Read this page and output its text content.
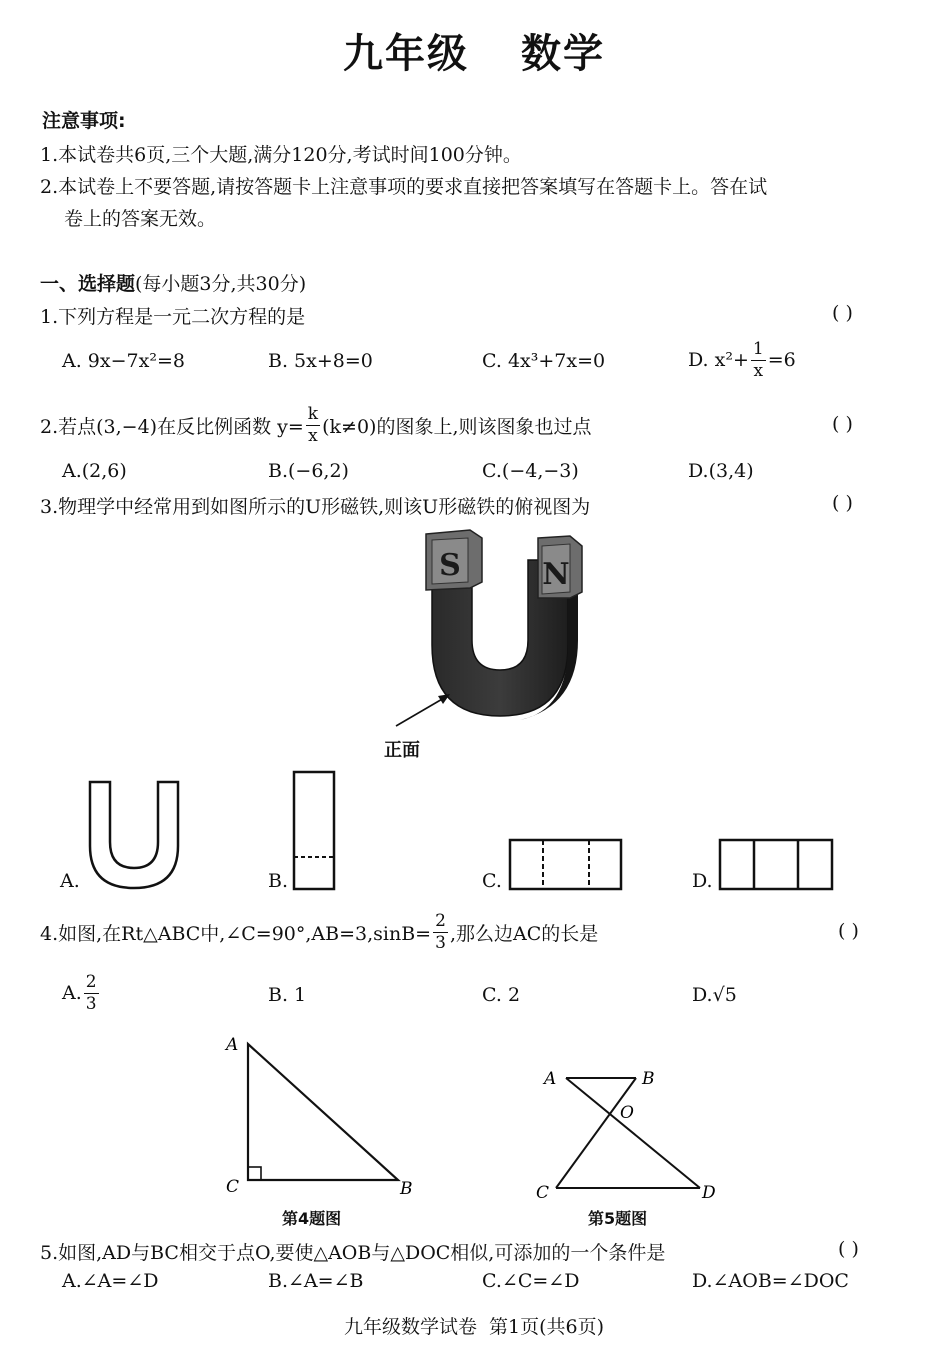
九年级 数学
注意事项:
1.本试卷共6页,三个大题,满分120分,考试时间100分钟。
2.本试卷上不要答题,请按答题卡上注意事项的要求直接把答案填写在答题卡上。答在试
卷上的答案无效。
一、选择题(每小题3分,共30分)
1.下列方程是一元二次方程的是	( )
A. 9x−7x²=8	B. 5x+8=0	C. 4x³+7x=0	D. $x^2+ \frac{1}{x} =6$
2.若点(3,−4)在反比例函数 $y= \frac{k}{x} (k\ne 0)$的图象上,则该图象也过点	( )
A.(2,6)	B.(−6,2)	C.(−4,−3)	D.(3,4)
3.物理学中经常用到如图所示的U形磁铁,则该U形磁铁的俯视图为	( )
S	N
正面
A.	B.	C.	D.
4.如图,在Rt△ABC中,∠C=90°,AB=3,sinB= $\frac{2}{3}$ ,那么边AC的长是	( )
A. $\frac{2}{3}$	B. 1	C. 2	D.√5
A
C	B
第4题图
A	B
O
C	D
第5题图
5.如图,AD与BC相交于点O,要使△AOB与△DOC相似,可添加的一个条件是	( )
A.∠A=∠D	B.∠A=∠B	C.∠C=∠D	D.∠AOB=∠DOC
九年级数学试卷  第1页(共6页)
